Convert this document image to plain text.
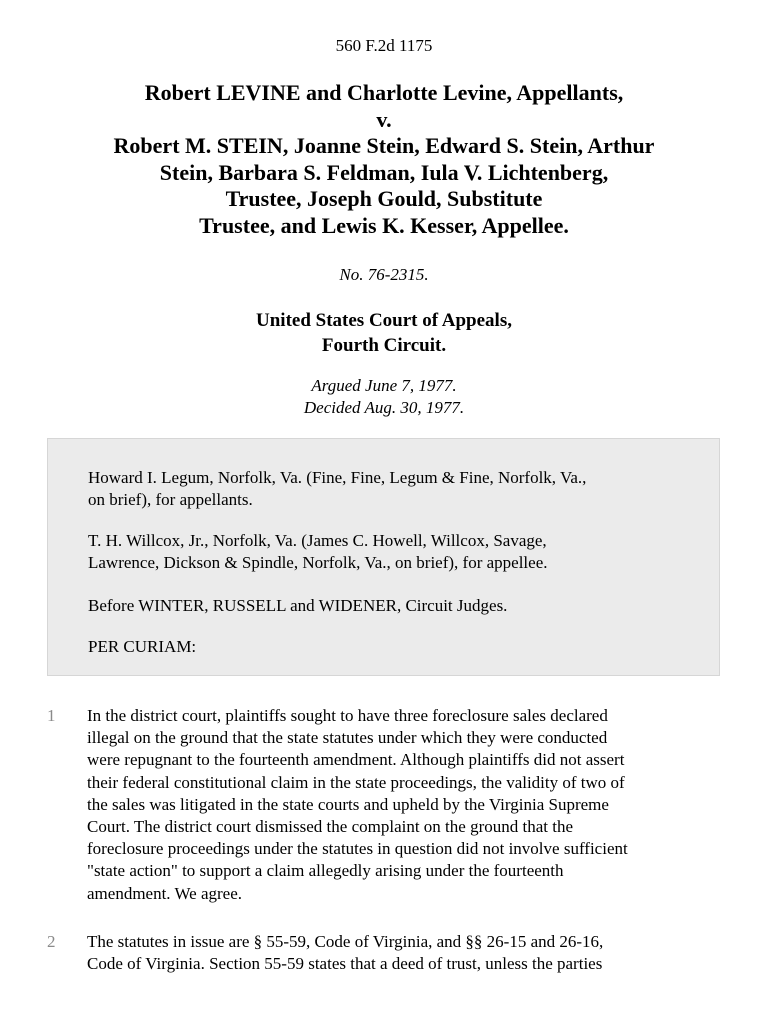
560 F.2d 1175
Robert LEVINE and Charlotte Levine, Appellants,
v.
Robert M. STEIN, Joanne Stein, Edward S. Stein, Arthur
Stein, Barbara S. Feldman, Iula V. Lichtenberg,
Trustee, Joseph Gould, Substitute
Trustee, and Lewis K. Kesser, Appellee.
No. 76-2315.
United States Court of Appeals,
Fourth Circuit.
Argued June 7, 1977.
Decided Aug. 30, 1977.
Howard I. Legum, Norfolk, Va. (Fine, Fine, Legum & Fine, Norfolk, Va.,
on brief), for appellants.
T. H. Willcox, Jr., Norfolk, Va. (James C. Howell, Willcox, Savage,
Lawrence, Dickson & Spindle, Norfolk, Va., on brief), for appellee.
Before WINTER, RUSSELL and WIDENER, Circuit Judges.
PER CURIAM:
1 In the district court, plaintiffs sought to have three foreclosure sales declared
illegal on the ground that the state statutes under which they were conducted
were repugnant to the fourteenth amendment. Although plaintiffs did not assert
their federal constitutional claim in the state proceedings, the validity of two of
the sales was litigated in the state courts and upheld by the Virginia Supreme
Court. The district court dismissed the complaint on the ground that the
foreclosure proceedings under the statutes in question did not involve sufficient
"state action" to support a claim allegedly arising under the fourteenth
amendment. We agree.
2 The statutes in issue are § 55-59, Code of Virginia, and §§ 26-15 and 26-16,
Code of Virginia. Section 55-59 states that a deed of trust, unless the parties
